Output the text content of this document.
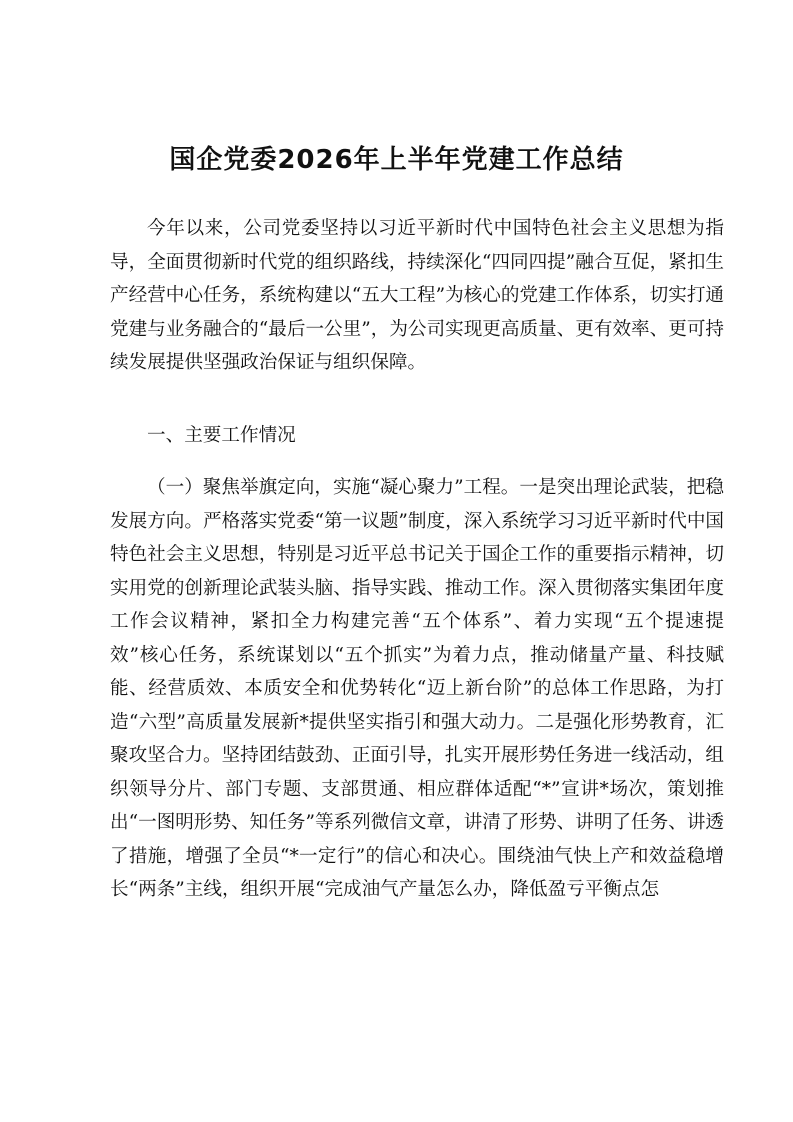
国企党委2026年上半年党建工作总结

今年以来，公司党委坚持以习近平新时代中国特色社会主义思想为指导，全面贯彻新时代党的组织路线，持续深化“四同四提”融合互促，紧扣生产经营中心任务，系统构建以“五大工程”为核心的党建工作体系，切实打通党建与业务融合的“最后一公里”，为公司实现更高质量、更有效率、更可持续发展提供坚强政治保证与组织保障。

一、主要工作情况

（一）聚焦举旗定向，实施“凝心聚力”工程。一是突出理论武装，把稳发展方向。严格落实党委“第一议题”制度，深入系统学习习近平新时代中国特色社会主义思想，特别是习近平总书记关于国企工作的重要指示精神，切实用党的创新理论武装头脑、指导实践、推动工作。深入贯彻落实集团年度工作会议精神，紧扣全力构建完善“五个体系”、着力实现“五个提速提效”核心任务，系统谋划以“五个抓实”为着力点，推动储量产量、科技赋能、经营质效、本质安全和优势转化“迈上新台阶”的总体工作思路，为打造“六型”高质量发展新*提供坚实指引和强大动力。二是强化形势教育，汇聚攻坚合力。坚持团结鼓劲、正面引导，扎实开展形势任务进一线活动，组织领导分片、部门专题、支部贯通、相应群体适配“*”宣讲*场次，策划推出“一图明形势、知任务”等系列微信文章，讲清了形势、讲明了任务、讲透了措施，增强了全员“*一定行”的信心和决心。围绕油气快上产和效益稳增长“两条”主线，组织开展“完成油气产量怎么办，降低盈亏平衡点怎
